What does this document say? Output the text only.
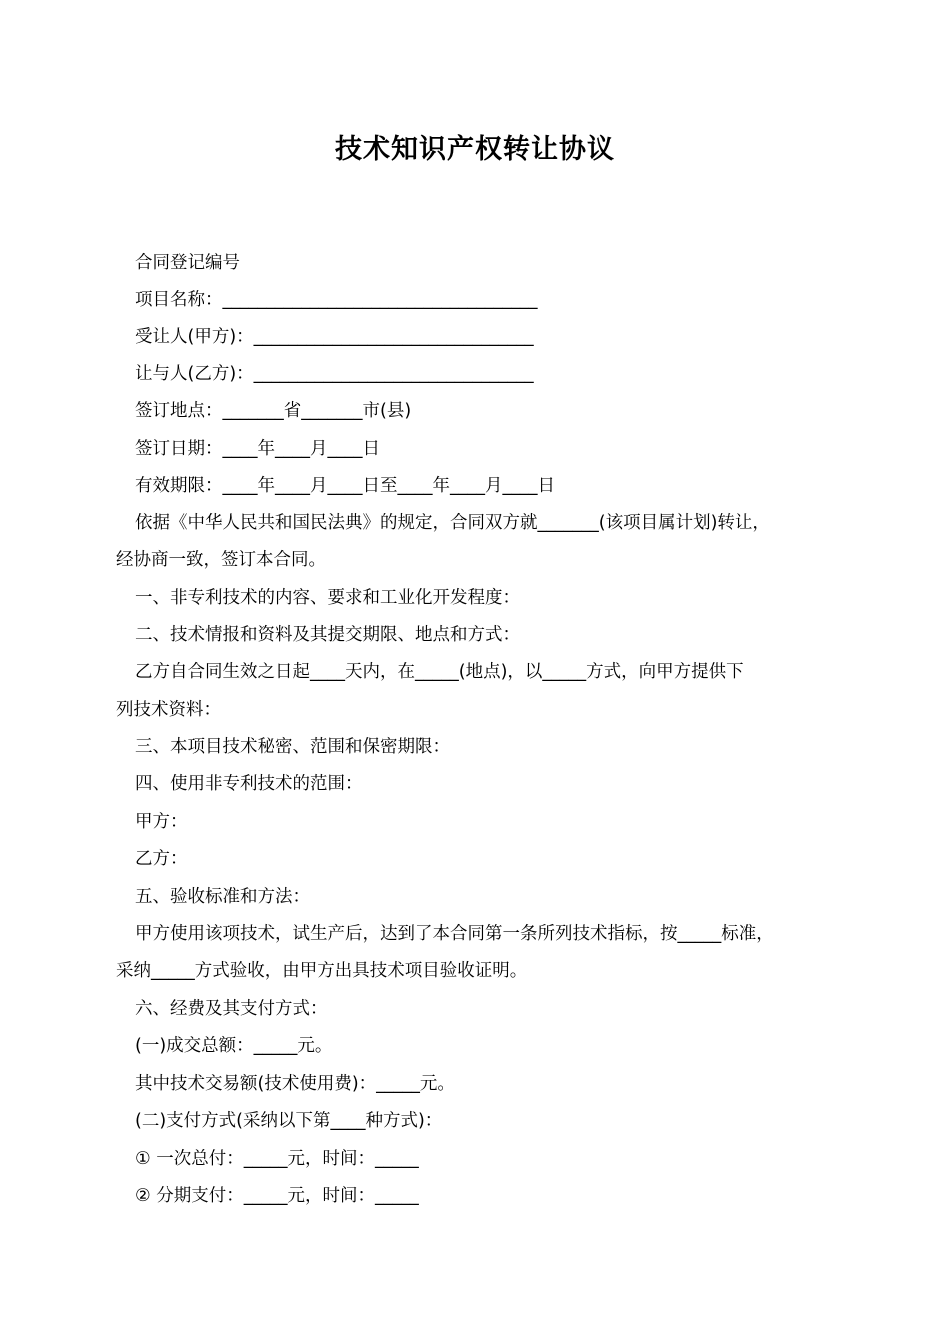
技术知识产权转让协议
合同登记编号
项目名称：____________________________________
受让人(甲方)：________________________________
让与人(乙方)：________________________________
签订地点：_______省_______市(县)
签订日期：____年____月____日
有效期限：____年____月____日至____年____月____日
依据《中华人民共和国民法典》的规定，合同双方就_______(该项目属计划)转让，
经协商一致，签订本合同。
一、非专利技术的内容、要求和工业化开发程度：
二、技术情报和资料及其提交期限、地点和方式：
乙方自合同生效之日起____天内，在_____(地点)，以_____方式，向甲方提供下
列技术资料：
三、本项目技术秘密、范围和保密期限：
四、使用非专利技术的范围：
甲方：
乙方：
五、验收标准和方法：
甲方使用该项技术，试生产后，达到了本合同第一条所列技术指标，按_____标准，
采纳_____方式验收，由甲方出具技术项目验收证明。
六、经费及其支付方式：
(一)成交总额：_____元。
其中技术交易额(技术使用费)：_____元。
(二)支付方式(采纳以下第____种方式)：
① 一次总付：_____元，时间：_____
② 分期支付：_____元，时间：_____
